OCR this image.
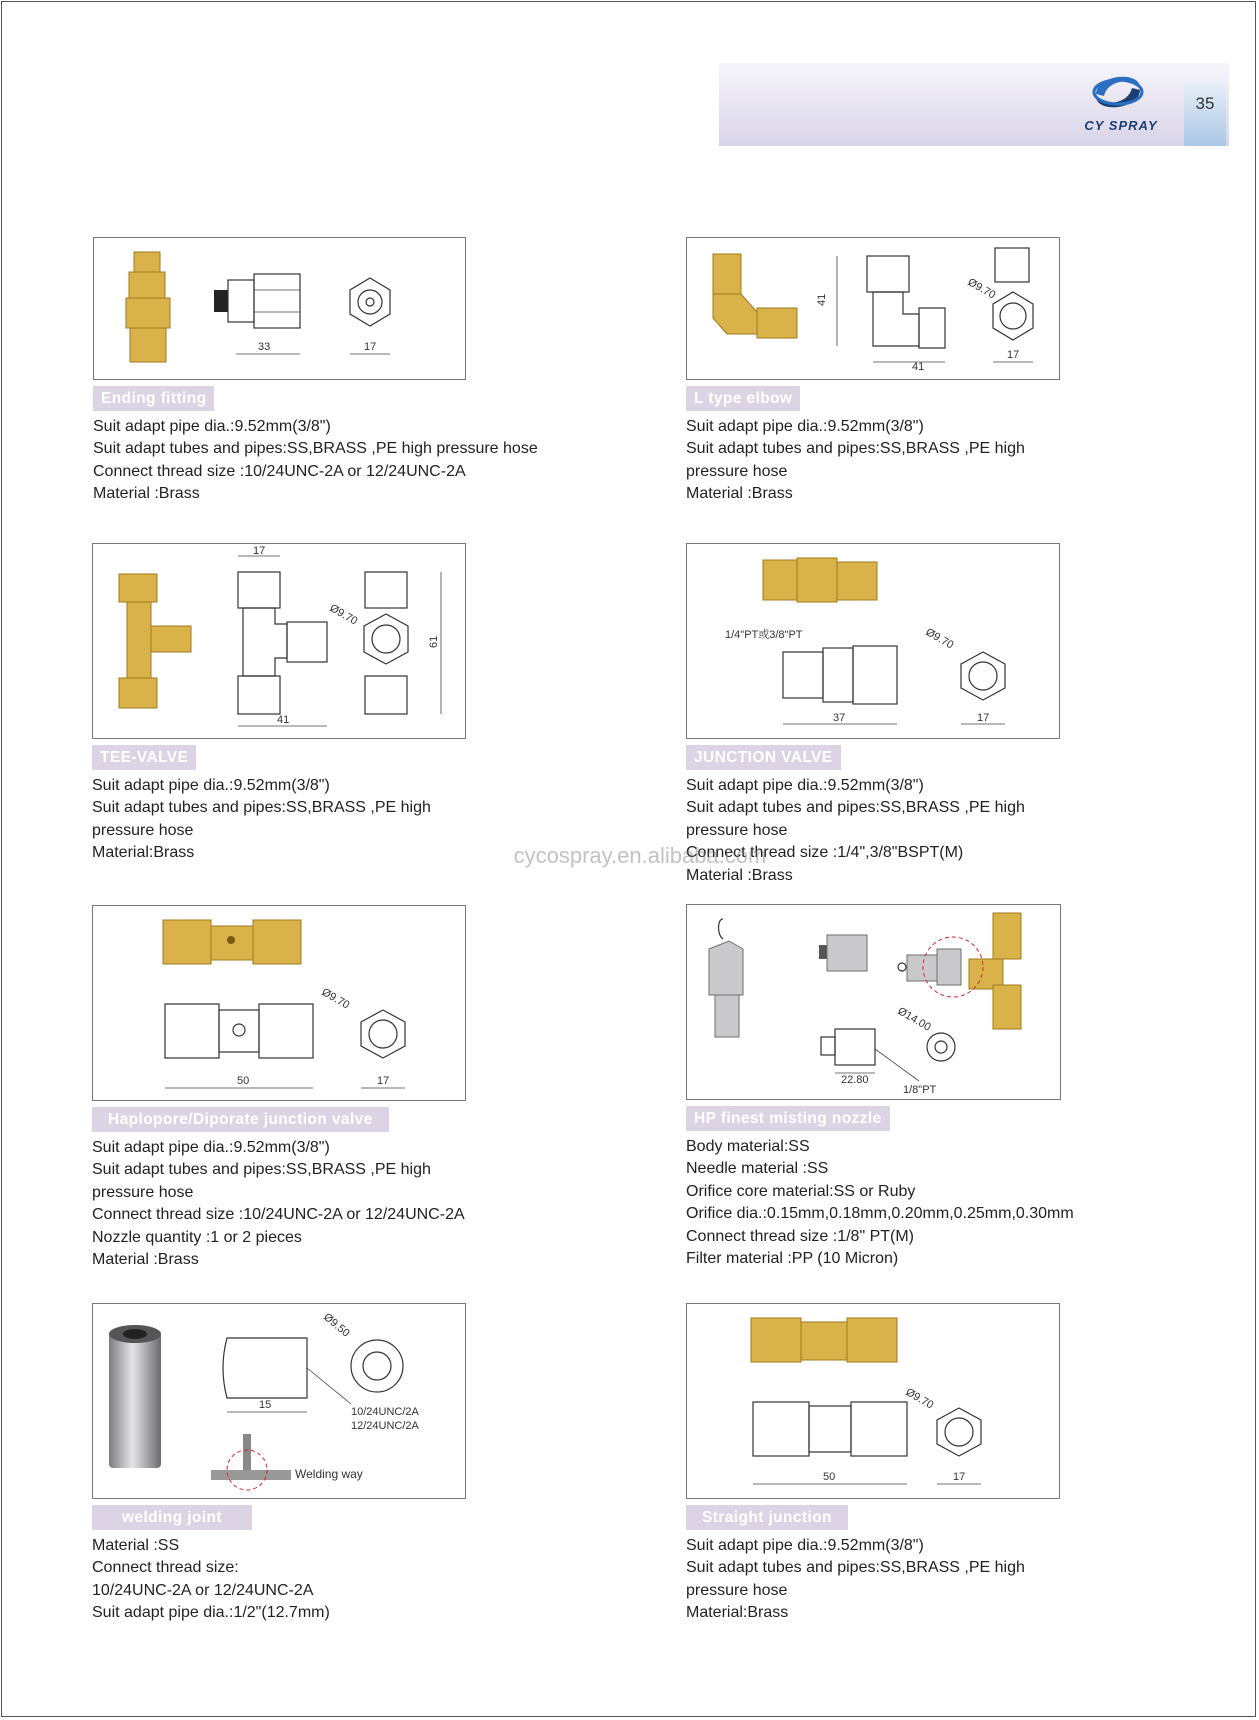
CY SPRAY
35
33	17
Ending fitting
Suit adapt pipe dia.:9.52mm(3/8")
Suit adapt tubes and pipes:SS,BRASS ,PE high pressure hose
Connect thread size :10/24UNC-2A or 12/24UNC-2A
Material :Brass
41
41
Ø9.70
17
L type elbow
Suit adapt pipe dia.:9.52mm(3/8")
Suit adapt tubes and pipes:SS,BRASS ,PE high
pressure hose
Material :Brass
17
41
Ø9.70
61
TEE-VALVE
Suit adapt pipe dia.:9.52mm(3/8")
Suit adapt tubes and pipes:SS,BRASS ,PE high
pressure hose
Material:Brass
1/4"PT或3/8"PT
37
Ø9.70
17
JUNCTION VALVE
Suit adapt pipe dia.:9.52mm(3/8")
Suit adapt tubes and pipes:SS,BRASS ,PE high
pressure hose
Connect thread size :1/4",3/8"BSPT(M)
Material :Brass
50
Ø9.70
17
Haplopore/Diporate junction valve
Suit adapt pipe dia.:9.52mm(3/8")
Suit adapt tubes and pipes:SS,BRASS ,PE high
pressure hose
Connect thread size :10/24UNC-2A or 12/24UNC-2A
Nozzle quantity :1 or 2 pieces
Material :Brass
22.80
1/8"PT
Ø14.00
HP finest misting nozzle
Body material:SS
Needle material :SS
Orifice core material:SS or Ruby
Orifice dia.:0.15mm,0.18mm,0.20mm,0.25mm,0.30mm
Connect thread size :1/8" PT(M)
Filter material :PP (10 Micron)
15
Ø9.50
10/24UNC/2A
12/24UNC/2A
Welding way
welding joint
Material :SS
Connect thread size:
10/24UNC-2A or 12/24UNC-2A
Suit adapt pipe dia.:1/2"(12.7mm)
50
Ø9.70
17
Straight junction
Suit adapt pipe dia.:9.52mm(3/8")
Suit adapt tubes and pipes:SS,BRASS ,PE high
pressure hose
Material:Brass
cycospray.en.alibaba.com
